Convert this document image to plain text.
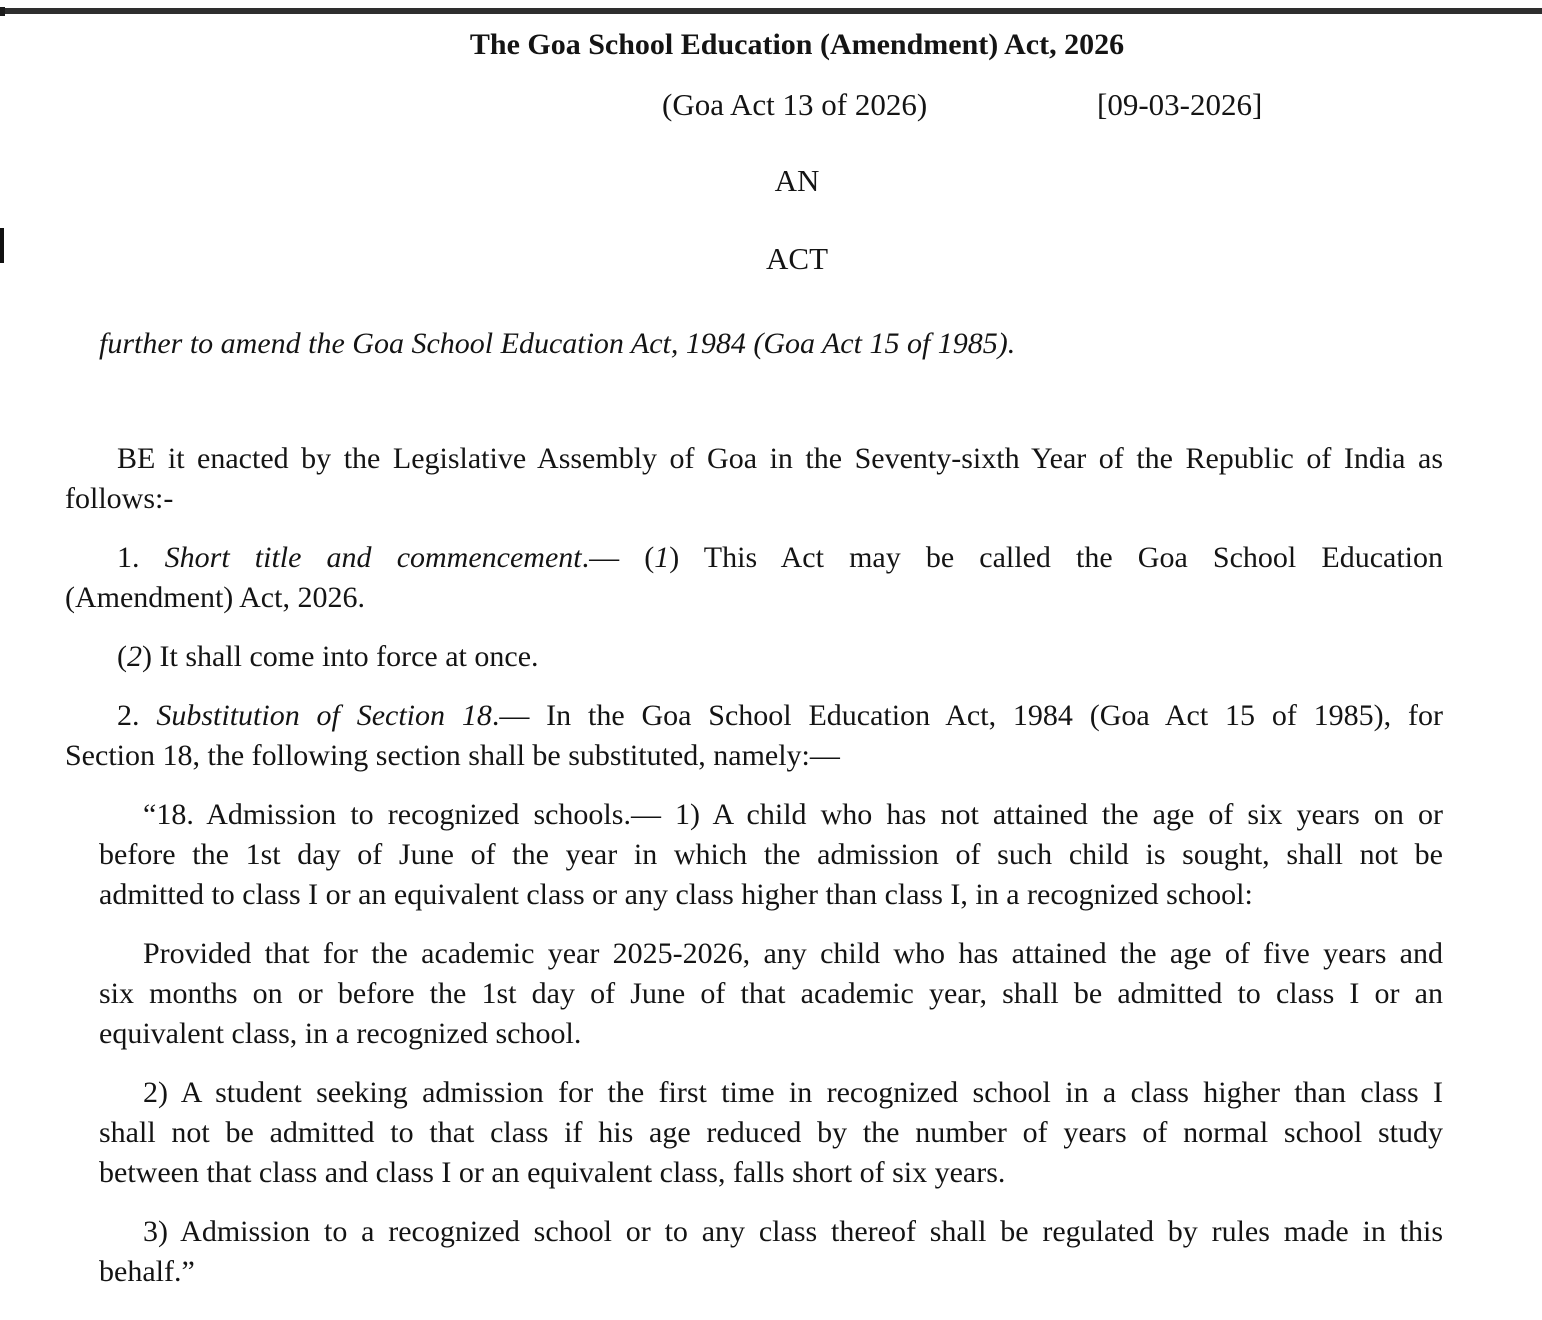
The Goa School Education (Amendment) Act, 2026
(Goa Act 13 of 2026)	[09-03-2026]
AN
ACT
further to amend the Goa School Education Act, 1984 (Goa Act 15 of 1985).
BE it enacted by the Legislative Assembly of Goa in the Seventy-sixth Year of the Republic of India as
follows:-
1. Short title and commencement.— (1) This Act may be called the Goa School Education
(Amendment) Act, 2026.
(2) It shall come into force at once.
2. Substitution of Section 18.— In the Goa School Education Act, 1984 (Goa Act 15 of 1985), for
Section 18, the following section shall be substituted, namely:—
“18. Admission to recognized schools.— 1) A child who has not attained the age of six years on or
before the 1st day of June of the year in which the admission of such child is sought, shall not be
admitted to class I or an equivalent class or any class higher than class I, in a recognized school:
Provided that for the academic year 2025-2026, any child who has attained the age of five years and
six months on or before the 1st day of June of that academic year, shall be admitted to class I or an
equivalent class, in a recognized school.
2) A student seeking admission for the first time in recognized school in a class higher than class I
shall not be admitted to that class if his age reduced by the number of years of normal school study
between that class and class I or an equivalent class, falls short of six years.
3) Admission to a recognized school or to any class thereof shall be regulated by rules made in this
behalf.”
